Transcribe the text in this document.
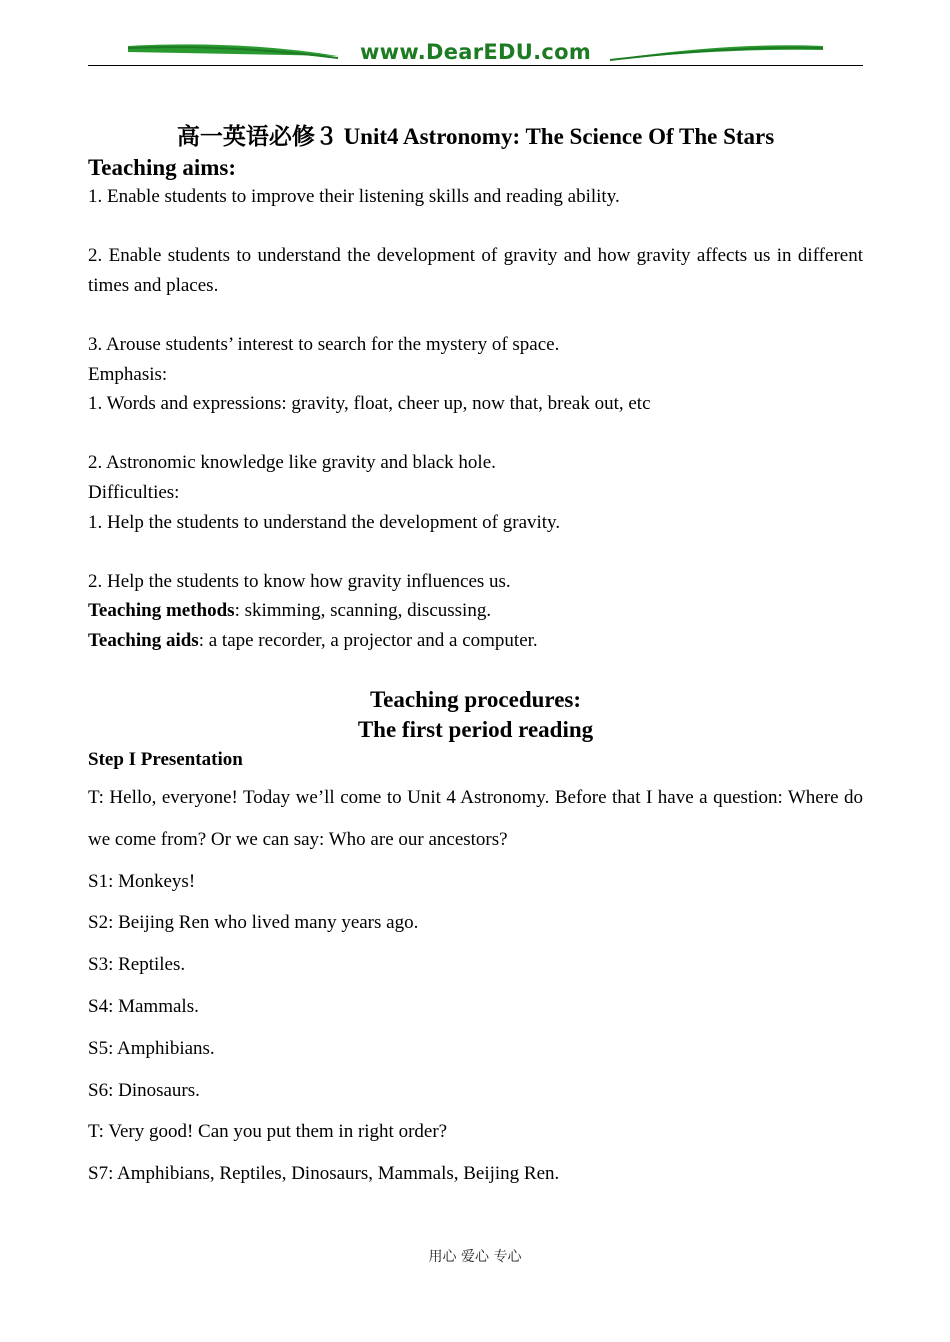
www.DearEDU.com
高一英语必修３ Unit4 Astronomy: The Science Of The Stars
Teaching aims:

1. Enable students to improve their listening skills and reading ability.

2. Enable students to understand the development of gravity and how gravity affects us in different times and places.

3. Arouse students’ interest to search for the mystery of space.

Emphasis:

1. Words and expressions: gravity, float, cheer up, now that, break out, etc

2. Astronomic knowledge like gravity and black hole.

Difficulties:

1. Help the students to understand the development of gravity.

2. Help the students to know how gravity influences us.

Teaching methods: skimming, scanning, discussing.

Teaching aids: a tape recorder, a projector and a computer.

Teaching procedures:
The first period reading
Step I Presentation

T: Hello, everyone! Today we’ll come to Unit 4 Astronomy. Before that I have a question: Where do we come from? Or we can say: Who are our ancestors?

S1: Monkeys!

S2: Beijing Ren who lived many years ago.

S3: Reptiles.

S4: Mammals.

S5: Amphibians.

S6: Dinosaurs.

T: Very good! Can you put them in right order?

S7: Amphibians, Reptiles, Dinosaurs, Mammals, Beijing Ren.

用心 爱心 专心
